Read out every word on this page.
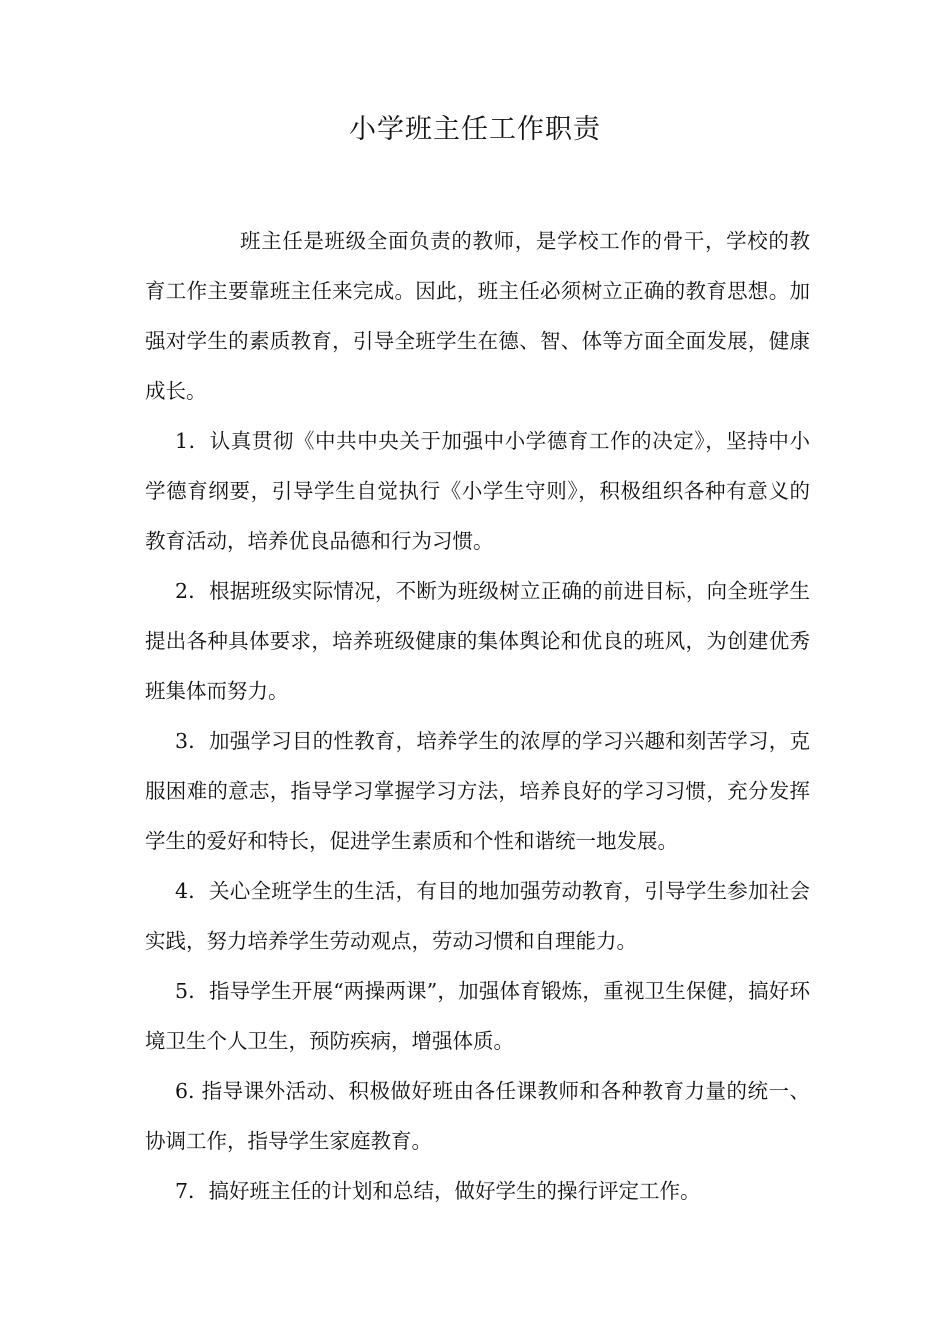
小学班主任工作职责

班主任是班级全面负责的教师，是学校工作的骨干，学校的教育工作主要靠班主任来完成。因此，班主任必须树立正确的教育思想。加强对学生的素质教育，引导全班学生在德、智、体等方面全面发展，健康成长。

1．认真贯彻《中共中央关于加强中小学德育工作的决定》，坚持中小学德育纲要，引导学生自觉执行《小学生守则》，积极组织各种有意义的教育活动，培养优良品德和行为习惯。

2．根据班级实际情况，不断为班级树立正确的前进目标，向全班学生提出各种具体要求，培养班级健康的集体舆论和优良的班风，为创建优秀班集体而努力。

3．加强学习目的性教育，培养学生的浓厚的学习兴趣和刻苦学习，克服困难的意志，指导学习掌握学习方法，培养良好的学习习惯，充分发挥学生的爱好和特长，促进学生素质和个性和谐统一地发展。

4．关心全班学生的生活，有目的地加强劳动教育，引导学生参加社会实践，努力培养学生劳动观点，劳动习惯和自理能力。

5．指导学生开展“两操两课”，加强体育锻炼，重视卫生保健，搞好环境卫生个人卫生，预防疾病，增强体质。

6. 指导课外活动、积极做好班由各任课教师和各种教育力量的统一、协调工作，指导学生家庭教育。

7．搞好班主任的计划和总结，做好学生的操行评定工作。
